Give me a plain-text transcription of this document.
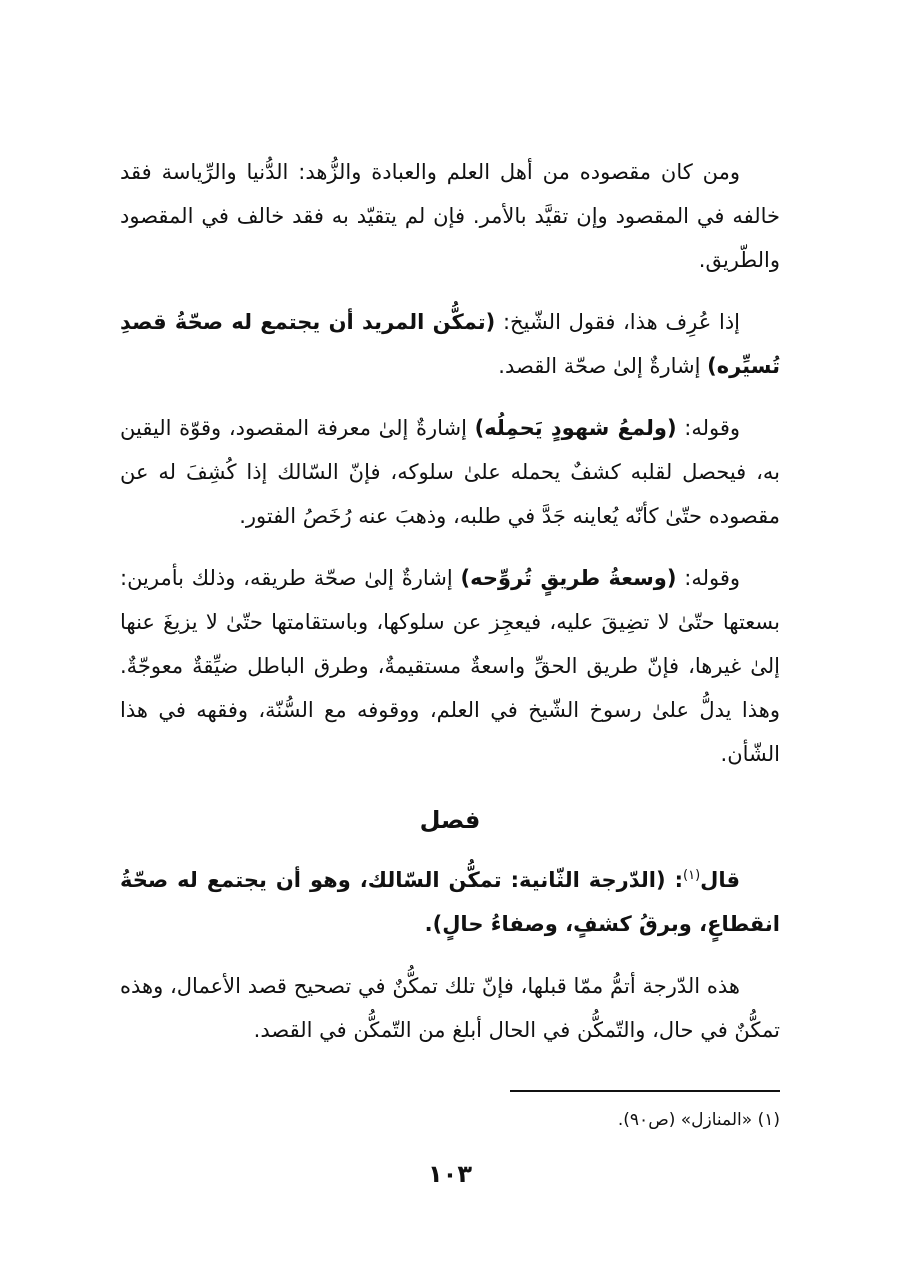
ومن كان مقصوده من أهل العلم والعبادة والزُّهد: الدُّنيا والرِّياسة فقد خالفه في المقصود وإن تقيَّد بالأمر. فإن لم يتقيّد به فقد خالف في المقصود والطّريق.

إذا عُرِف هذا، فقول الشّيخ: (تمكُّن المريد أن يجتمع له صحّةُ قصدِ تُسيِّره) إشارةٌ إلىٰ صحّة القصد.

وقوله: (ولمعُ شهودٍ يَحمِلُه) إشارةٌ إلىٰ معرفة المقصود، وقوّة اليقين به، فيحصل لقلبه كشفٌ يحمله علىٰ سلوكه، فإنّ السّالك إذا كُشِفَ له عن مقصوده حتّىٰ كأنّه يُعاينه جَدَّ في طلبه، وذهبَ عنه رُخَصُ الفتور.

وقوله: (وسعةُ طريقٍ تُروِّحه) إشارةٌ إلىٰ صحّة طريقه، وذلك بأمرين: بسعتها حتّىٰ لا تضِيقَ عليه، فيعجِز عن سلوكها، وباستقامتها حتّىٰ لا يزيغَ عنها إلىٰ غيرها، فإنّ طريق الحقِّ واسعةٌ مستقيمةٌ، وطرق الباطل ضيِّقةٌ معوجّةٌ. وهذا يدلُّ علىٰ رسوخ الشّيخ في العلم، ووقوفه مع السُّنّة، وفقهه في هذا الشّأن.

فصل

قال$^{(١)}$: (الدّرجة الثّانية: تمكُّن السّالك، وهو أن يجتمع له صحّةُ انقطاعٍ، وبرقُ كشفٍ، وصفاءُ حالٍ).

هذه الدّرجة أتمُّ ممّا قبلها، فإنّ تلك تمكُّنٌ في تصحيح قصد الأعمال، وهذه تمكُّنٌ في حال، والتّمكُّن في الحال أبلغ من التّمكُّن في القصد.

(١) «المنازل» (ص٩٠).
١٠٣
